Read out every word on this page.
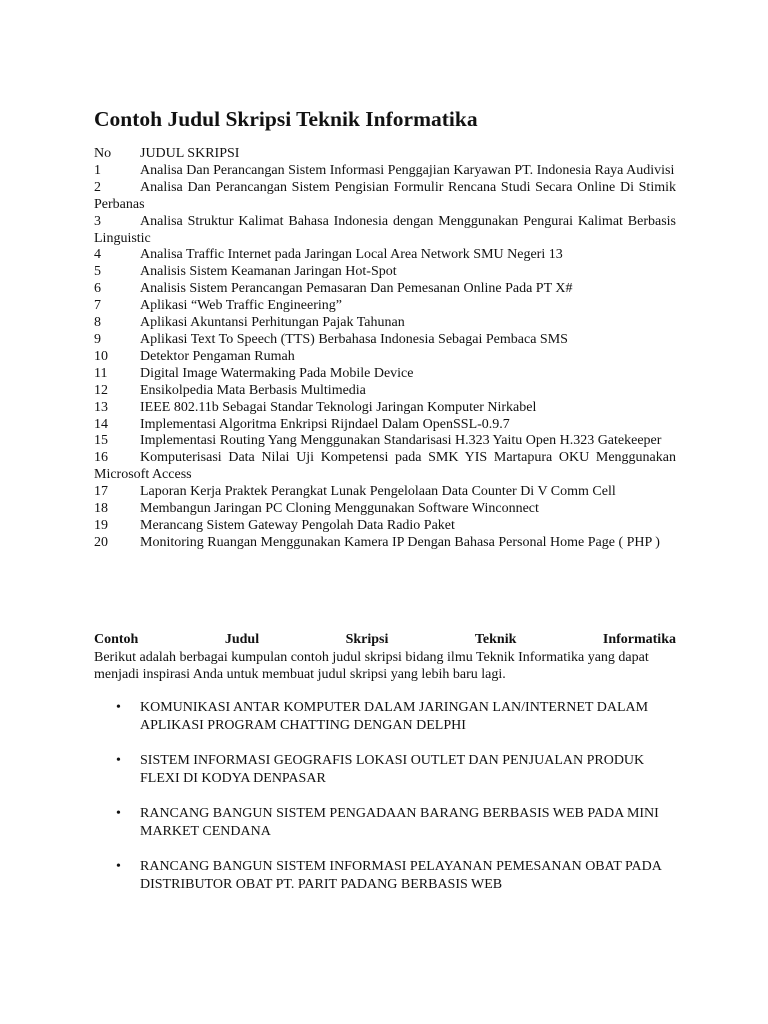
Contoh Judul Skripsi Teknik Informatika
No JUDUL SKRIPSI
1	Analisa Dan Perancangan Sistem Informasi Penggajian Karyawan PT. Indonesia Raya Audivisi
2	Analisa Dan Perancangan Sistem Pengisian Formulir Rencana Studi Secara Online Di Stimik Perbanas
3	Analisa Struktur Kalimat Bahasa Indonesia dengan Menggunakan Pengurai Kalimat Berbasis Linguistic
4	Analisa Traffic Internet pada Jaringan Local Area Network SMU Negeri 13
5	Analisis Sistem Keamanan Jaringan Hot-Spot
6	Analisis Sistem Perancangan Pemasaran Dan Pemesanan Online Pada PT X#
7	Aplikasi “Web Traffic Engineering”
8	Aplikasi Akuntansi Perhitungan Pajak Tahunan
9	Aplikasi Text To Speech (TTS) Berbahasa Indonesia Sebagai Pembaca SMS
10 Detektor Pengaman Rumah
11 Digital Image Watermaking Pada Mobile Device
12 Ensikolpedia Mata Berbasis Multimedia
13 IEEE 802.11b Sebagai Standar Teknologi Jaringan Komputer Nirkabel
14 Implementasi Algoritma Enkripsi Rijndael Dalam OpenSSL-0.9.7
15 Implementasi Routing Yang Menggunakan Standarisasi H.323 Yaitu Open H.323 Gatekeeper
16 Komputerisasi Data Nilai Uji Kompetensi pada SMK YIS Martapura OKU Menggunakan Microsoft Access
17 Laporan Kerja Praktek Perangkat Lunak Pengelolaan Data Counter Di V Comm Cell
18 Membangun Jaringan PC Cloning Menggunakan Software Winconnect
19 Merancang Sistem Gateway Pengolah Data Radio Paket
20 Monitoring Ruangan Menggunakan Kamera IP Dengan Bahasa Personal Home Page ( PHP )
Contoh	Judul	Skripsi	Teknik	Informatika
Berikut adalah berbagai kumpulan contoh judul skripsi bidang ilmu Teknik Informatika yang dapat menjadi inspirasi Anda untuk membuat judul skripsi yang lebih baru lagi.
• KOMUNIKASI ANTAR KOMPUTER DALAM JARINGAN LAN/INTERNET DALAM APLIKASI PROGRAM CHATTING DENGAN DELPHI
• SISTEM INFORMASI GEOGRAFIS LOKASI OUTLET DAN PENJUALAN PRODUK FLEXI DI KODYA DENPASAR
• RANCANG BANGUN SISTEM PENGADAAN BARANG BERBASIS WEB PADA MINI MARKET CENDANA
• RANCANG BANGUN SISTEM INFORMASI PELAYANAN PEMESANAN OBAT PADA DISTRIBUTOR OBAT PT. PARIT PADANG BERBASIS WEB
